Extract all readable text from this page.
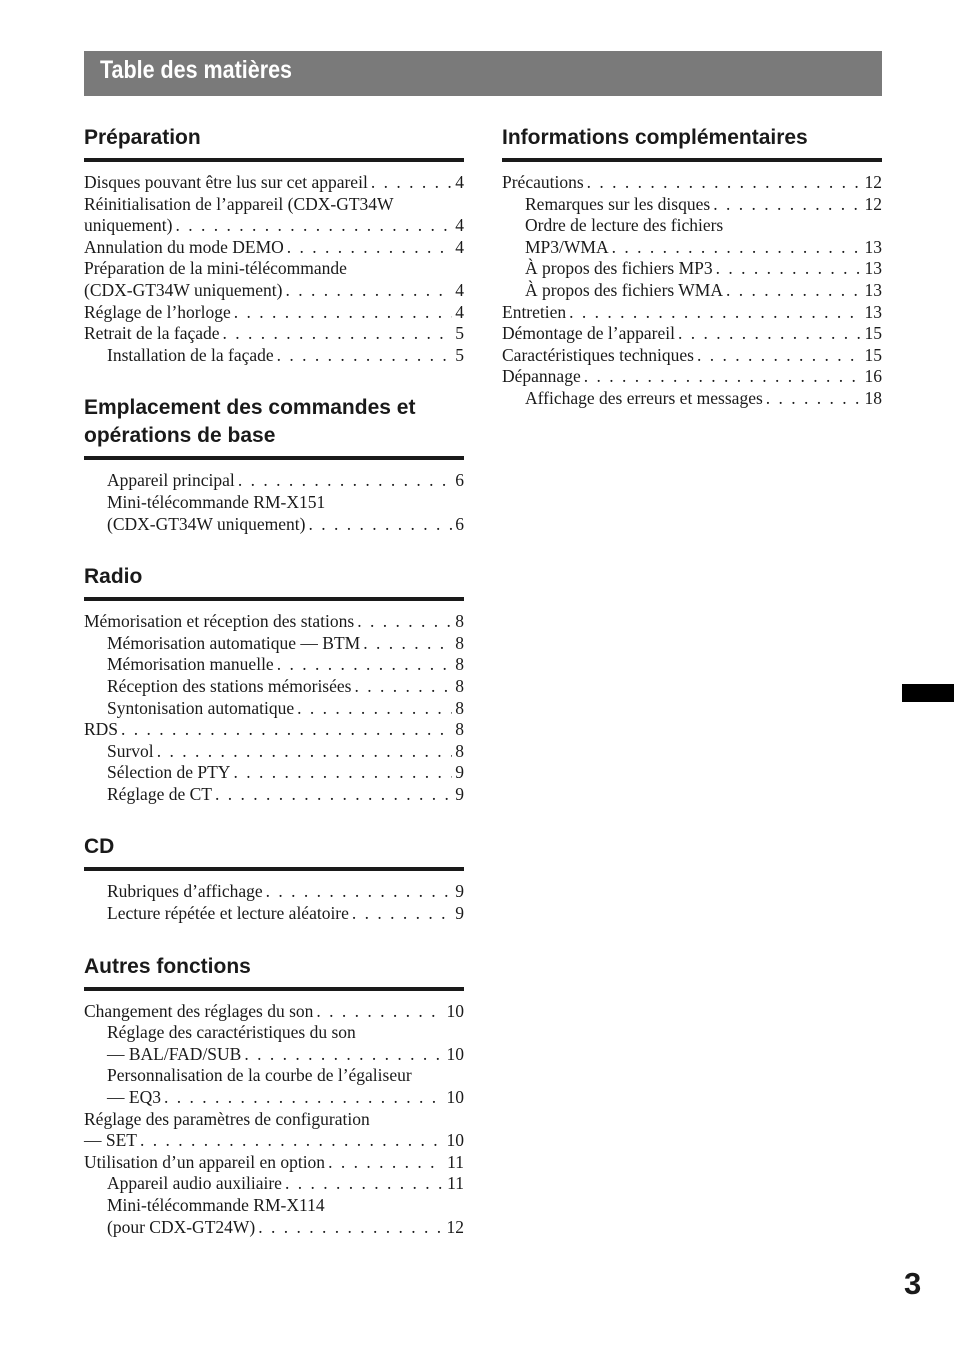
Table des matières
Préparation
Disques pouvant être lus sur cet appareil . . .	4
Réinitialisation de l’appareil (CDX-GT34W
uniquement) . . .	4
Annulation du mode DEMO . . .	4
Préparation de la mini-télécommande
(CDX-GT34W uniquement) . . .	4
Réglage de l’horloge . . .	4
Retrait de la façade . . .	5
Installation de la façade . . .	5
Emplacement des commandes et opérations de base
Appareil principal . . .	6
Mini-télécommande RM-X151
(CDX-GT34W uniquement) . . .	6
Radio
Mémorisation et réception des stations . . .	8
Mémorisation automatique — BTM . . .	8
Mémorisation manuelle . . .	8
Réception des stations mémorisées . . .	8
Syntonisation automatique . . .	8
RDS . . .	8
Survol . . .	8
Sélection de PTY . . .	9
Réglage de CT . . .	9
CD
Rubriques d’affichage . . .	9
Lecture répétée et lecture aléatoire . . .	9
Autres fonctions
Changement des réglages du son . . .	10
Réglage des caractéristiques du son
— BAL/FAD/SUB . . .	10
Personnalisation de la courbe de l’égaliseur
— EQ3 . . .	10
Réglage des paramètres de configuration
— SET . . .	10
Utilisation d’un appareil en option . . .	11
Appareil audio auxiliaire . . .	11
Mini-télécommande RM-X114
(pour CDX-GT24W) . . .	12
Informations complémentaires
Précautions . . .	12
Remarques sur les disques . . .	12
Ordre de lecture des fichiers
MP3/WMA . . .	13
À propos des fichiers MP3 . . .	13
À propos des fichiers WMA . . .	13
Entretien . . .	13
Démontage de l’appareil . . .	15
Caractéristiques techniques . . .	15
Dépannage . . .	16
Affichage des erreurs et messages . . .	18
3
